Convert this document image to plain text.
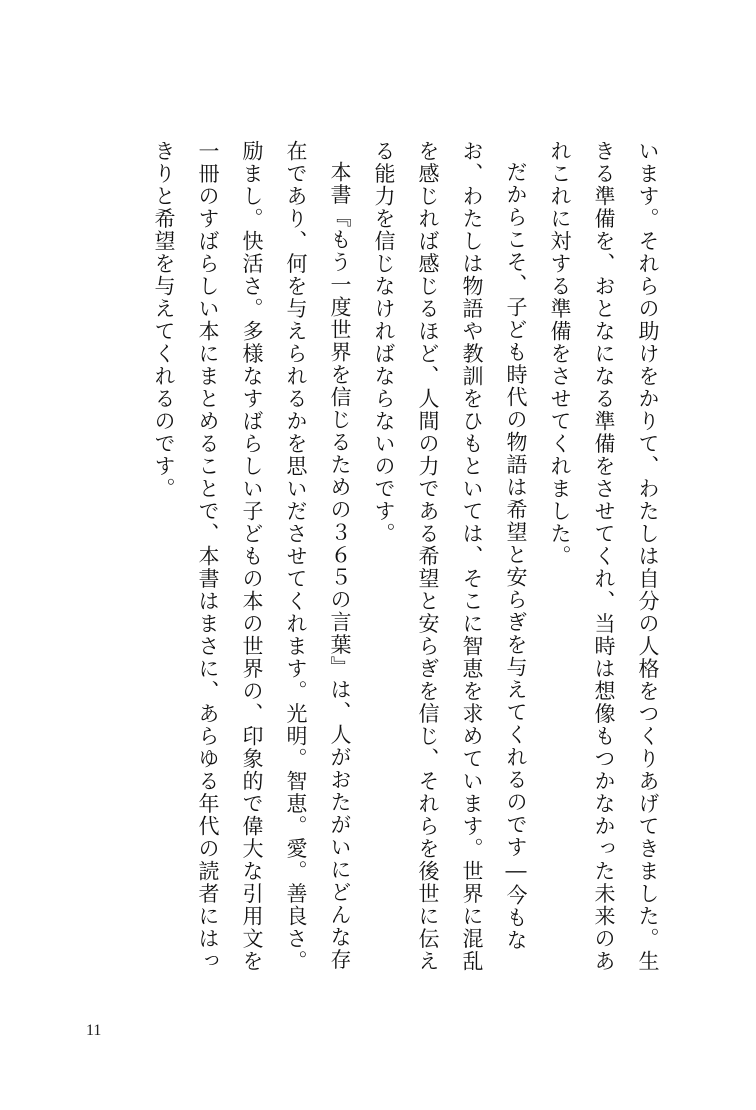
います。それらの助けをかりて、わたしは自分の人格をつくりあげてきました。生きる準備を、おとなになる準備をさせてくれ、当時は想像もつかなかった未来のあれこれに対する準備をさせてくれました。

だからこそ、子ども時代の物語は希望と安らぎを与えてくれるのです―今もなお、わたしは物語や教訓をひもといては、そこに智恵を求めています。世界に混乱を感じれば感じるほど、人間の力である希望と安らぎを信じ、それらを後世に伝える能力を信じなければならないのです。

本書『もう一度世界を信じるための３６５の言葉』は、人がおたがいにどんな存在であり、何を与えられるかを思いださせてくれます。光明。智恵。愛。善良さ。励まし。快活さ。多様なすばらしい子どもの本の世界の、印象的で偉大な引用文を一冊のすばらしい本にまとめることで、本書はまさに、あらゆる年代の読者にはっきりと希望を与えてくれるのです。

11
